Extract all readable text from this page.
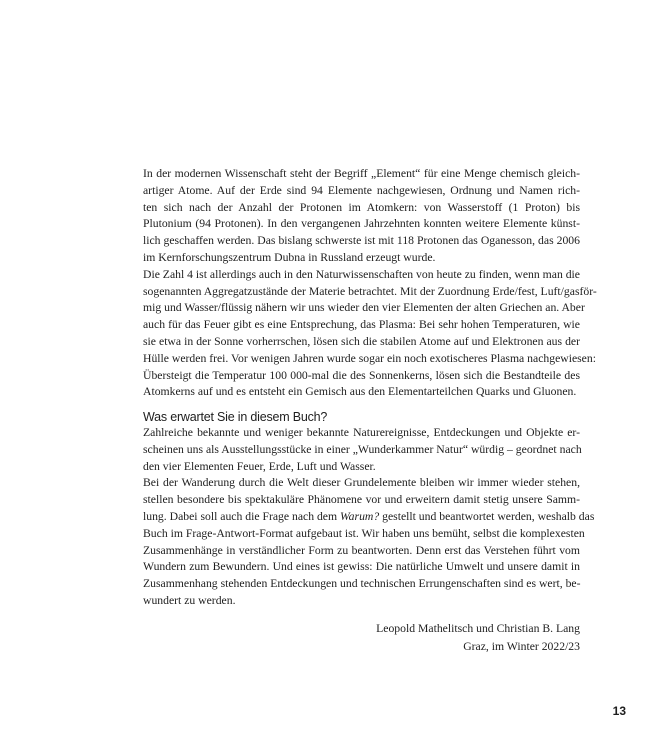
In der modernen Wissenschaft steht der Begriff „Element“ für eine Menge chemisch gleich-
artiger Atome. Auf der Erde sind 94 Elemente nachgewiesen, Ordnung und Namen rich-
ten sich nach der Anzahl der Protonen im Atomkern: von Wasserstoff (1 Proton) bis
Plutonium (94 Protonen). In den vergangenen Jahrzehnten konnten weitere Elemente künst-
lich geschaffen werden. Das bislang schwerste ist mit 118 Protonen das Oganesson, das 2006
im Kernforschungszentrum Dubna in Russland erzeugt wurde.

Die Zahl 4 ist allerdings auch in den Naturwissenschaften von heute zu finden, wenn man die
sogenannten Aggregatzustände der Materie betrachtet. Mit der Zuordnung Erde/fest, Luft/gasför-
mig und Wasser/flüssig nähern wir uns wieder den vier Elementen der alten Griechen an. Aber
auch für das Feuer gibt es eine Entsprechung, das Plasma: Bei sehr hohen Temperaturen, wie
sie etwa in der Sonne vorherrschen, lösen sich die stabilen Atome auf und Elektronen aus der
Hülle werden frei. Vor wenigen Jahren wurde sogar ein noch exotischeres Plasma nachgewiesen:
Übersteigt die Temperatur 100 000-mal die des Sonnenkerns, lösen sich die Bestandteile des
Atomkerns auf und es entsteht ein Gemisch aus den Elementarteilchen Quarks und Gluonen.

Was erwartet Sie in diesem Buch?

Zahlreiche bekannte und weniger bekannte Naturereignisse, Entdeckungen und Objekte er-
scheinen uns als Ausstellungsstücke in einer „Wunderkammer Natur“ würdig – geordnet nach
den vier Elementen Feuer, Erde, Luft und Wasser.

Bei der Wanderung durch die Welt dieser Grundelemente bleiben wir immer wieder stehen,
stellen besondere bis spektakuläre Phänomene vor und erweitern damit stetig unsere Samm-
lung. Dabei soll auch die Frage nach dem Warum? gestellt und beantwortet werden, weshalb das
Buch im Frage-Antwort-Format aufgebaut ist. Wir haben uns bemüht, selbst die komplexesten
Zusammenhänge in verständlicher Form zu beantworten. Denn erst das Verstehen führt vom
Wundern zum Bewundern. Und eines ist gewiss: Die natürliche Umwelt und unsere damit in
Zusammenhang stehenden Entdeckungen und technischen Errungenschaften sind es wert, be-
wundert zu werden.

Leopold Mathelitsch und Christian B. Lang
Graz, im Winter 2022/23
13
